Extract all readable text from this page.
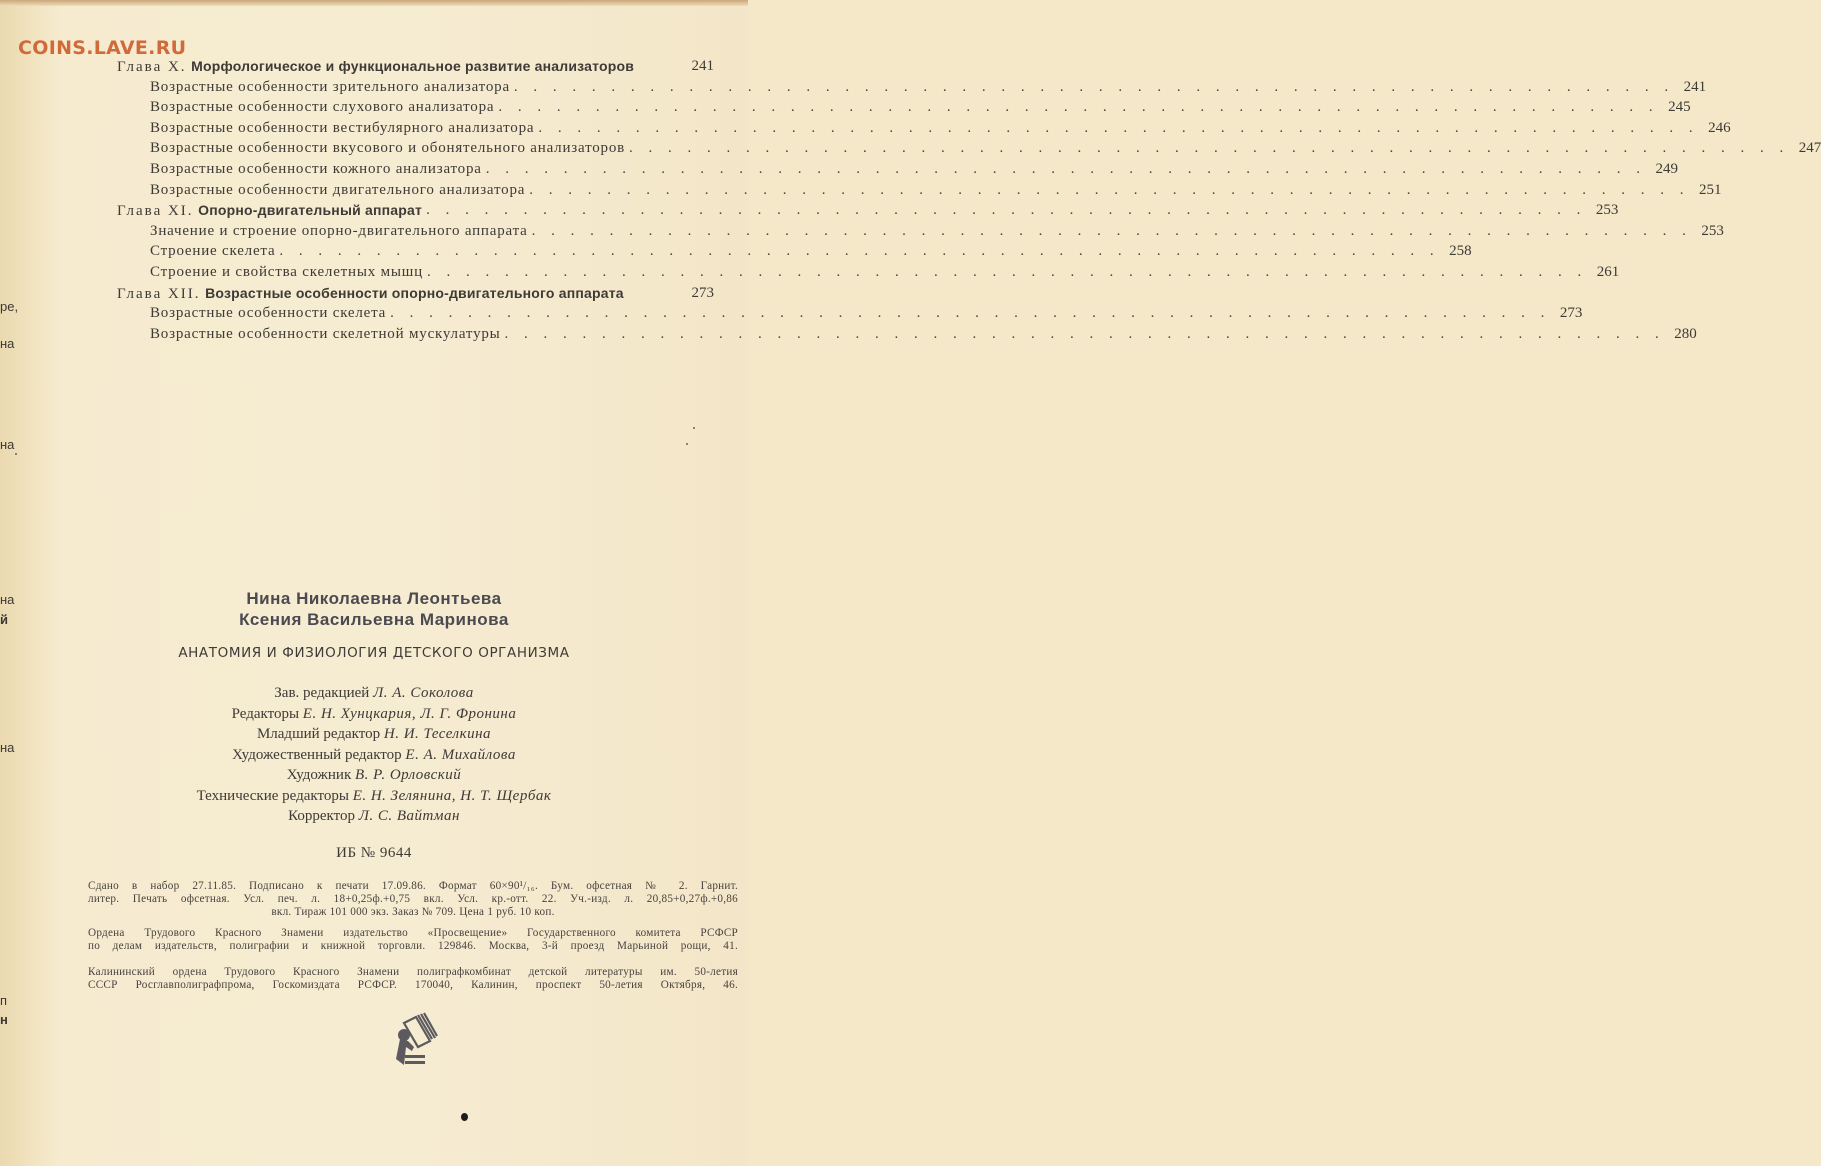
COINS.LAVE.RU
Глава X. Морфологическое и функциональное развитие анализаторов	241
Возрастные особенности зрительного анализатора . . . . . . . . . . . . . . . . . . . . . . . . . . . . . . . . . . . . . . . . . . . . . . . . . . . . . . . . . . . . 241
Возрастные особенности слухового анализатора . . . . . . . . . . . . . . . . . . . . . . . . . . . . . . . . . . . . . . . . . . . . . . . . . . . . . . . . . . . . 245
Возрастные особенности вестибулярного анализатора . . . . . . . . . . . . . . . . . . . . . . . . . . . . . . . . . . . . . . . . . . . . . . . . . . . . . . . . . . . . 246
Возрастные особенности вкусового и обонятельного анализаторов . . . . . . . . . . . . . . . . . . . . . . . . . . . . . . . . . . . . . . . . . . . . . . . . . . . . . . . . . . . . 247
Возрастные особенности кожного анализатора . . . . . . . . . . . . . . . . . . . . . . . . . . . . . . . . . . . . . . . . . . . . . . . . . . . . . . . . . . . . 249
Возрастные особенности двигательного анализатора . . . . . . . . . . . . . . . . . . . . . . . . . . . . . . . . . . . . . . . . . . . . . . . . . . . . . . . . . . . . 251
Глава XI. Опорно-двигательный аппарат . . . . . . . . . . . . . . . . . . . . . . . . . . . . . . . . . . . . . . . . . . . . . . . . . . . . . . . . . . . . 253
Значение и строение опорно-двигательного аппарата . . . . . . . . . . . . . . . . . . . . . . . . . . . . . . . . . . . . . . . . . . . . . . . . . . . . . . . . . . . . 253
Строение скелета . . . . . . . . . . . . . . . . . . . . . . . . . . . . . . . . . . . . . . . . . . . . . . . . . . . . . . . . . . . . 258
Строение и свойства скелетных мышц . . . . . . . . . . . . . . . . . . . . . . . . . . . . . . . . . . . . . . . . . . . . . . . . . . . . . . . . . . . . 261
Глава XII. Возрастные особенности опорно-двигательного аппарата	273
Возрастные особенности скелета . . . . . . . . . . . . . . . . . . . . . . . . . . . . . . . . . . . . . . . . . . . . . . . . . . . . . . . . . . . . 273
Возрастные особенности скелетной мускулатуры . . . . . . . . . . . . . . . . . . . . . . . . . . . . . . . . . . . . . . . . . . . . . . . . . . . . . . . . . . . . 280
ре,
на
на
на
й
на
п
н
Нина Николаевна Леонтьева
Ксения Васильевна Маринова
АНАТОМИЯ И ФИЗИОЛОГИЯ ДЕТСКОГО ОРГАНИЗМА
Зав. редакцией Л. А. Соколова
Редакторы Е. Н. Хунцкария, Л. Г. Фронина
Младший редактор Н. И. Теселкина
Художественный редактор Е. А. Михайлова
Художник В. Р. Орловский
Технические редакторы Е. Н. Зелянина, Н. Т. Щербак
Корректор Л. С. Вайтман
ИБ № 9644
Сдано в набор 27.11.85. Подписано к печати 17.09.86. Формат 60×90¹/₁₆. Бум. офсетная № 2. Гарнит.
литер. Печать офсетная. Усл. печ. л. 18+0,25ф.+0,75 вкл. Усл. кр.-отт. 22. Уч.-изд. л. 20,85+0,27ф.+0,86
вкл. Тираж 101 000 экз. Заказ № 709. Цена 1 руб. 10 коп.
Ордена Трудового Красного Знамени издательство «Просвещение» Государственного комитета РСФСР
по делам издательств, полиграфии и книжной торговли. 129846. Москва, 3-й проезд Марьиной рощи, 41.
Калининский ордена Трудового Красного Знамени полиграфкомбинат детской литературы им. 50-летия
СССР Росглавполиграфпрома, Госкомиздата РСФСР. 170040, Калинин, проспект 50-летия Октября, 46.
